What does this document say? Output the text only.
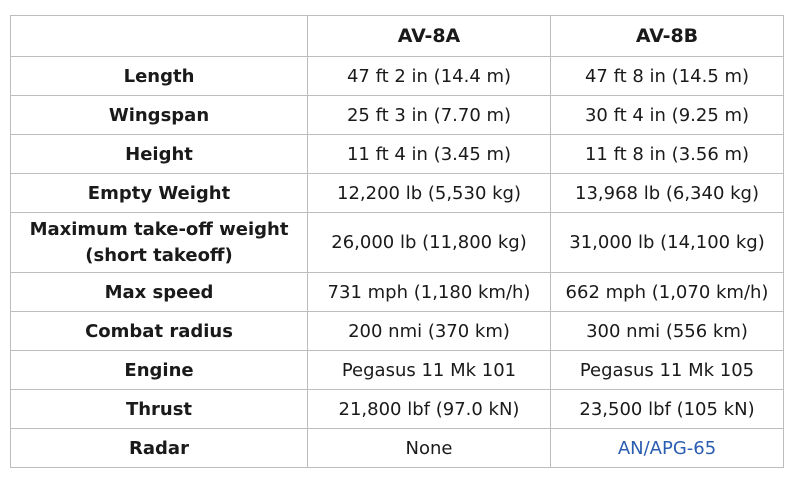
	AV-8A	AV-8B
Length	47 ft 2 in (14.4 m)	47 ft 8 in (14.5 m)
Wingspan	25 ft 3 in (7.70 m)	30 ft 4 in (9.25 m)
Height	11 ft 4 in (3.45 m)	11 ft 8 in (3.56 m)
Empty Weight	12,200 lb (5,530 kg)	13,968 lb (6,340 kg)

Maximum take-off weight
(short takeoff)	26,000 lb (11,800 kg)	31,000 lb (14,100 kg)
Max speed	731 mph (1,180 km/h)	662 mph (1,070 km/h)
Combat radius	200 nmi (370 km)	300 nmi (556 km)
Engine	Pegasus 11 Mk 101	Pegasus 11 Mk 105
Thrust	21,800 lbf (97.0 kN)	23,500 lbf (105 kN)
Radar	None	AN/APG-65
